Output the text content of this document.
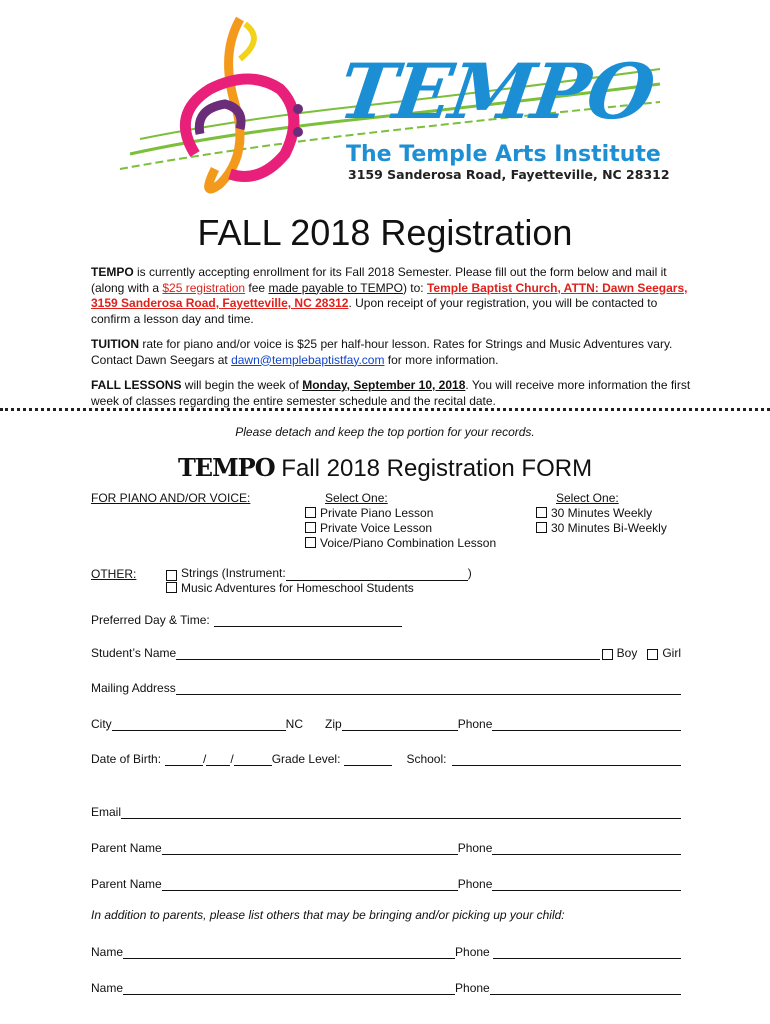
TEMPO
The Temple Arts Institute
3159 Sanderosa Road, Fayetteville, NC 28312
FALL 2018 Registration
TEMPO is currently accepting enrollment for its Fall 2018 Semester. Please fill out the form below and mail it (along with a $25 registration fee made payable to TEMPO) to: Temple Baptist Church, ATTN: Dawn Seegars, 3159 Sanderosa Road, Fayetteville, NC 28312. Upon receipt of your registration, you will be contacted to confirm a lesson day and time.
TUITION rate for piano and/or voice is $25 per half-hour lesson. Rates for Strings and Music Adventures vary. Contact Dawn Seegars at dawn@templebaptistfay.com for more information.
FALL LESSONS will begin the week of Monday, September 10, 2018. You will receive more information the first week of classes regarding the entire semester schedule and the recital date.
Please detach and keep the top portion for your records.
TEMPO Fall 2018 Registration FORM
FOR PIANO AND/OR VOICE:	Select One:
Private Piano Lesson
Private Voice Lesson
Voice/Piano Combination Lesson
Select One:
30 Minutes Weekly
30 Minutes Bi-Weekly
OTHER:	Strings (Instrument:	)
Music Adventures for Homeschool Students
Preferred Day & Time:
Student’s Name	Boy Girl
Mailing Address
City	NC Zip	Phone
Date of Birth:	/ /	Grade Level:	School:
Email
Parent Name	Phone
Parent Name	Phone
In addition to parents, please list others that may be bringing and/or picking up your child:
Name	Phone
Name	Phone
